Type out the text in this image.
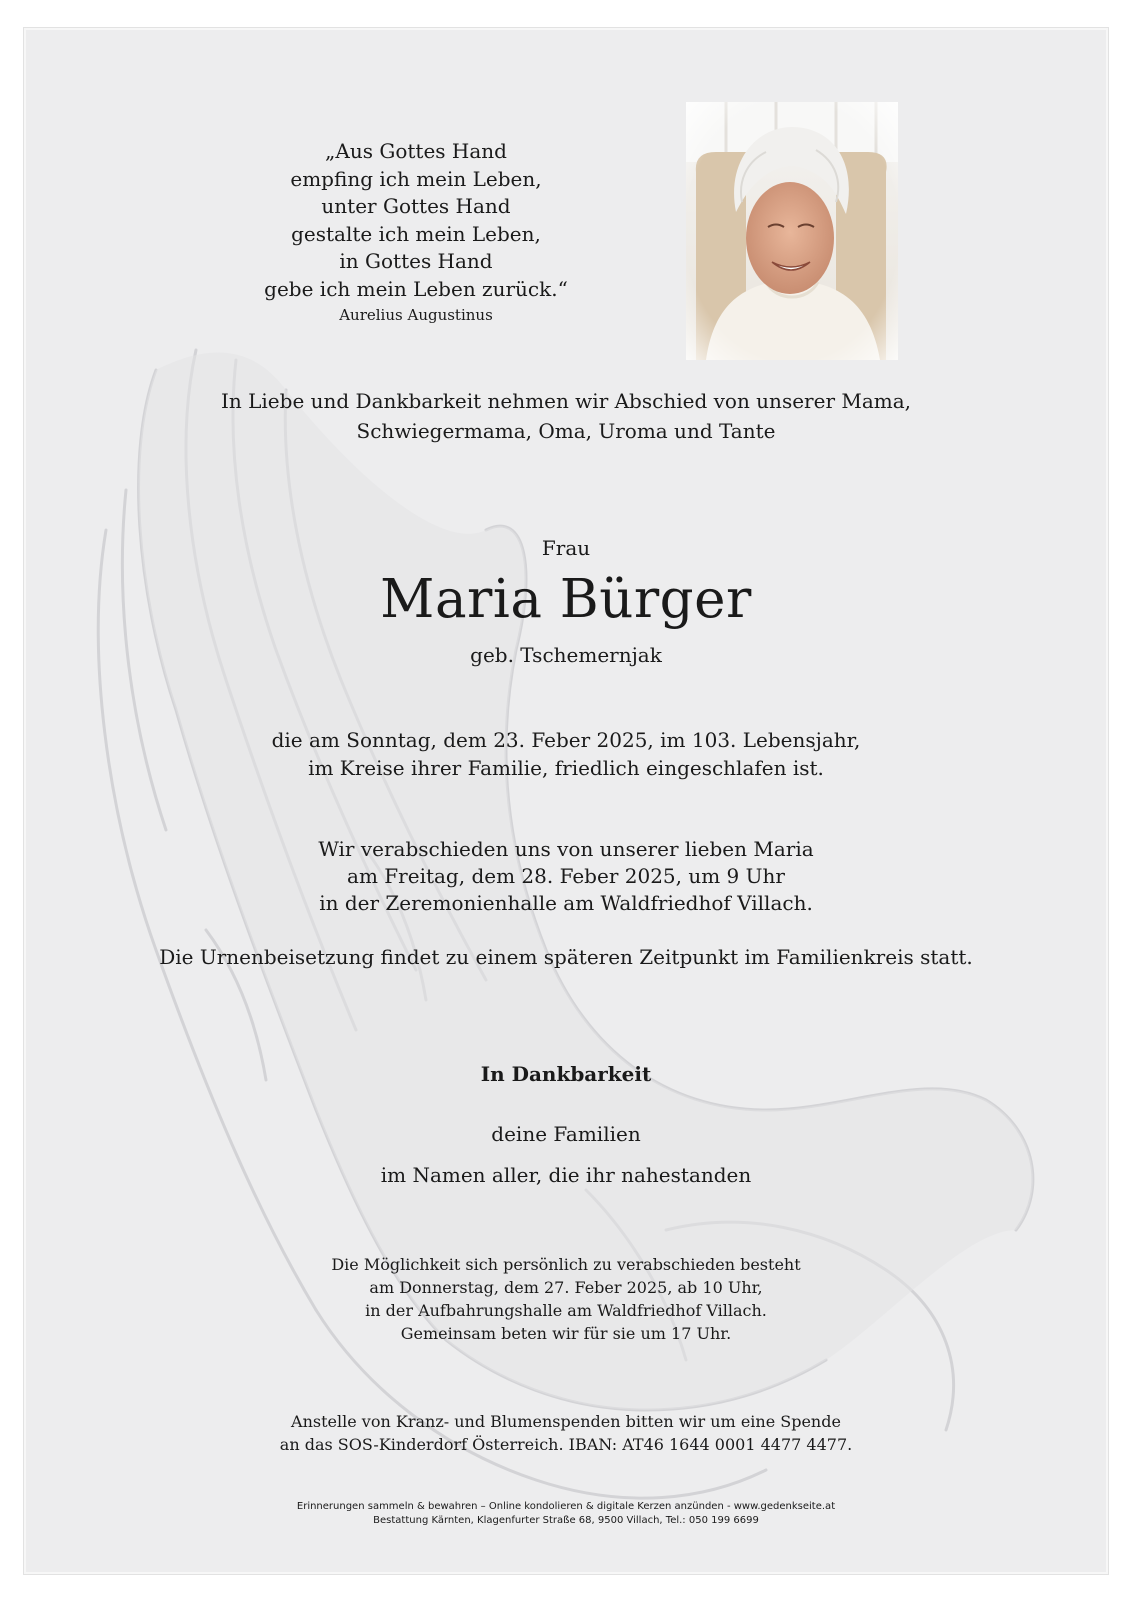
„Aus Gottes Hand
empfing ich mein Leben,
unter Gottes Hand
gestalte ich mein Leben,
in Gottes Hand
gebe ich mein Leben zurück.“
Aurelius Augustinus
In Liebe und Dankbarkeit nehmen wir Abschied von unserer Mama,
Schwiegermama, Oma, Uroma und Tante
Frau
Maria Bürger
geb. Tschemernjak
die am Sonntag, dem 23. Feber 2025, im 103. Lebensjahr,
im Kreise ihrer Familie, friedlich eingeschlafen ist.
Wir verabschieden uns von unserer lieben Maria
am Freitag, dem 28. Feber 2025, um 9 Uhr
in der Zeremonienhalle am Waldfriedhof Villach.
Die Urnenbeisetzung findet zu einem späteren Zeitpunkt im Familienkreis statt.
In Dankbarkeit
deine Familien
im Namen aller, die ihr nahestanden
Die Möglichkeit sich persönlich zu verabschieden besteht
am Donnerstag, dem 27. Feber 2025, ab 10 Uhr,
in der Aufbahrungshalle am Waldfriedhof Villach.
Gemeinsam beten wir für sie um 17 Uhr.
Anstelle von Kranz- und Blumenspenden bitten wir um eine Spende
an das SOS-Kinderdorf Österreich. IBAN: AT46 1644 0001 4477 4477.
Erinnerungen sammeln & bewahren – Online kondolieren & digitale Kerzen anzünden - www.gedenkseite.at
Bestattung Kärnten, Klagenfurter Straße 68, 9500 Villach, Tel.: 050 199 6699
